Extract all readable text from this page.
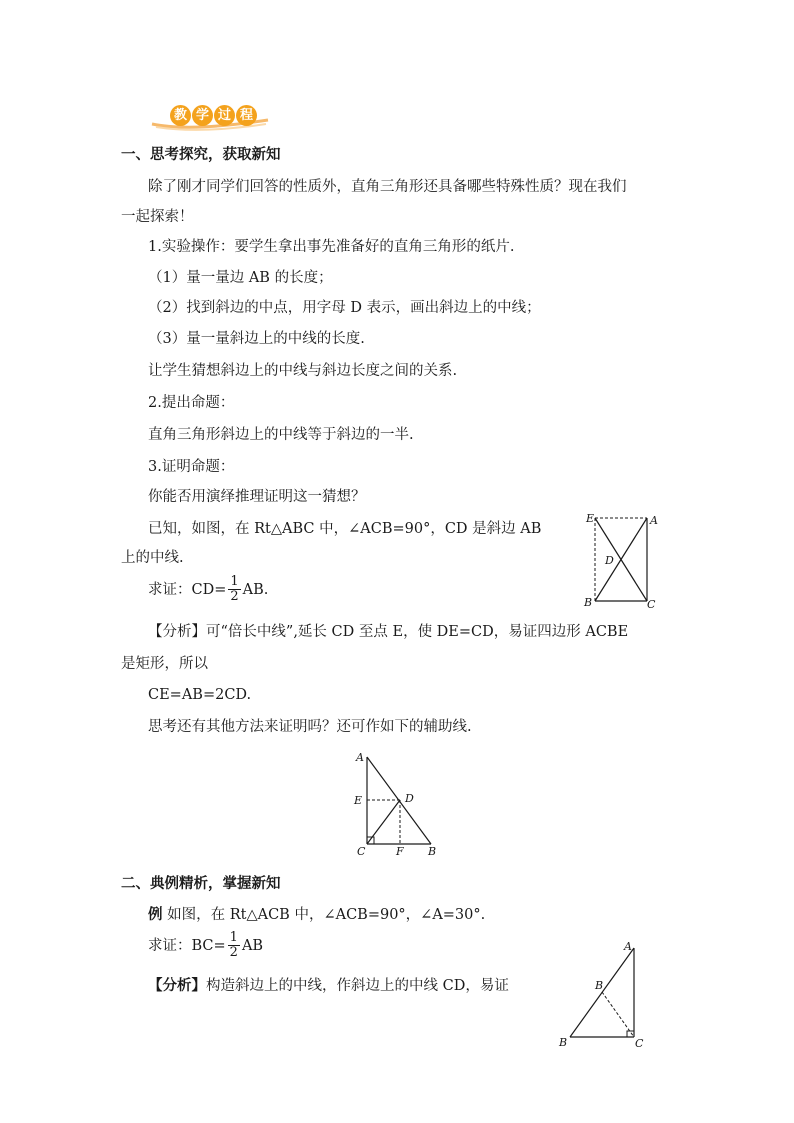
教 学 过 程
一、思考探究，获取新知
除了刚才同学们回答的性质外，直角三角形还具备哪些特殊性质？现在我们
一起探索！
1.实验操作：要学生拿出事先准备好的直角三角形的纸片.
（1）量一量边 AB 的长度；
（2）找到斜边的中点，用字母 D 表示，画出斜边上的中线；
（3）量一量斜边上的中线的长度.
让学生猜想斜边上的中线与斜边长度之间的关系.
2.提出命题：
直角三角形斜边上的中线等于斜边的一半.
3.证明命题：
你能否用演绎推理证明这一猜想？
已知，如图，在 Rt△ABC 中，∠ACB=90°，CD 是斜边 AB
上的中线.
求证：$CD= \frac{1}{2}$ AB.
【分析】可“倍长中线”,延长 CD 至点 E，使 DE=CD，易证四边形 ACBE
是矩形，所以
CE=AB=2CD.
思考还有其他方法来证明吗？还可作如下的辅助线.
E	A
D
B	C
A
E	D
C	F B
二、典例精析，掌握新知
例 如图，在 Rt△ACB 中，∠ACB=90°，∠A=30°.
求证：$BC= \frac{1}{2}$ AB
【分析】构造斜边上的中线，作斜边上的中线 CD，易证
A
B
B	C
